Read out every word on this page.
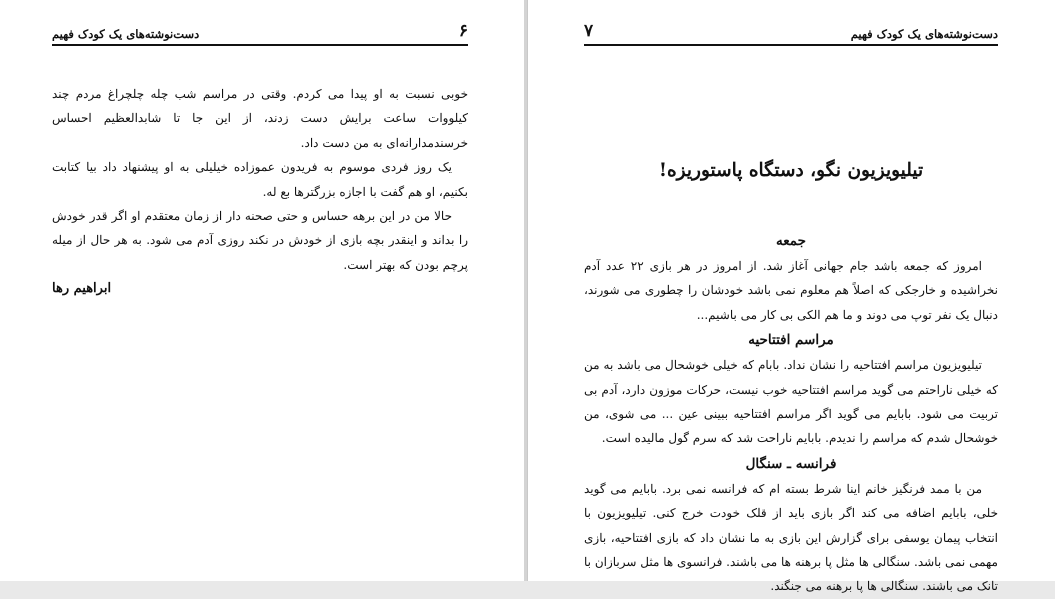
دست‌نوشته‌های یک کودک فهیم	۶

خوبی نسبت به او پیدا می کردم. وقتی در مراسم شب چله چلچراغ مردم چند کیلووات ساعت برایش دست زدند، از این جا تا شابدالعظیم احساس خرسندمدارانه‌ای به من دست داد.

یک روز فردی موسوم به فریدون عموزاده خیلیلی به او پیشنهاد داد بیا کتابت بکنیم، او هم گفت با اجازه بزرگترها بع له.

حالا من در این برهه حساس و حتی صحنه دار از زمان معتقدم او اگر قدر خودش را بداند و اینقدر بچه بازی از خودش در نکند روزی آدم می شود. به هر حال از میله پرچم بودن که بهتر است.

ابراهیم رها
دست‌نوشته‌های یک کودک فهیم
۷
تیلیویزیون نگو، دستگاه پاستوریزه!
جمعه

امروز که جمعه باشد جام جهانی آغاز شد. از امروز در هر بازی ۲۲ عدد آدم نخراشیده و خارجکی که اصلاً هم معلوم نمی باشد خودشان را چطوری می شورند، دنبال یک نفر توپ می دوند و ما هم الکی بی کار می باشیم...

مراسم افتتاحیه

تیلیویزیون مراسم افتتاحیه را نشان نداد. بابام که خیلی خوشحال می باشد به من که خیلی ناراحتم می گوید مراسم افتتاحیه خوب نیست، حرکات موزون دارد، آدم بی تربیت می شود. بابایم می گوید اگر مراسم افتتاحیه ببینی عین ... می شوی، من خوشحال شدم که مراسم را ندیدم. بابایم ناراحت شد که سرم گول مالیده است.

فرانسه ـ سنگال

من با ممد فرنگیز خانم اینا شرط بسته ام که فرانسه نمی برد. بابایم می گوید خلی، بابایم اضافه می کند اگر بازی باید از قلک خودت خرج کنی. تیلیویزیون با انتخاب پیمان یوسفی برای گزارش این بازی به ما نشان داد که بازی افتتاحیه، بازی مهمی نمی باشد. سنگالی ها مثل پا برهنه ها می باشند. فرانسوی ها مثل سربازان با تانک می باشند. سنگالی ها پا برهنه می جنگند.
